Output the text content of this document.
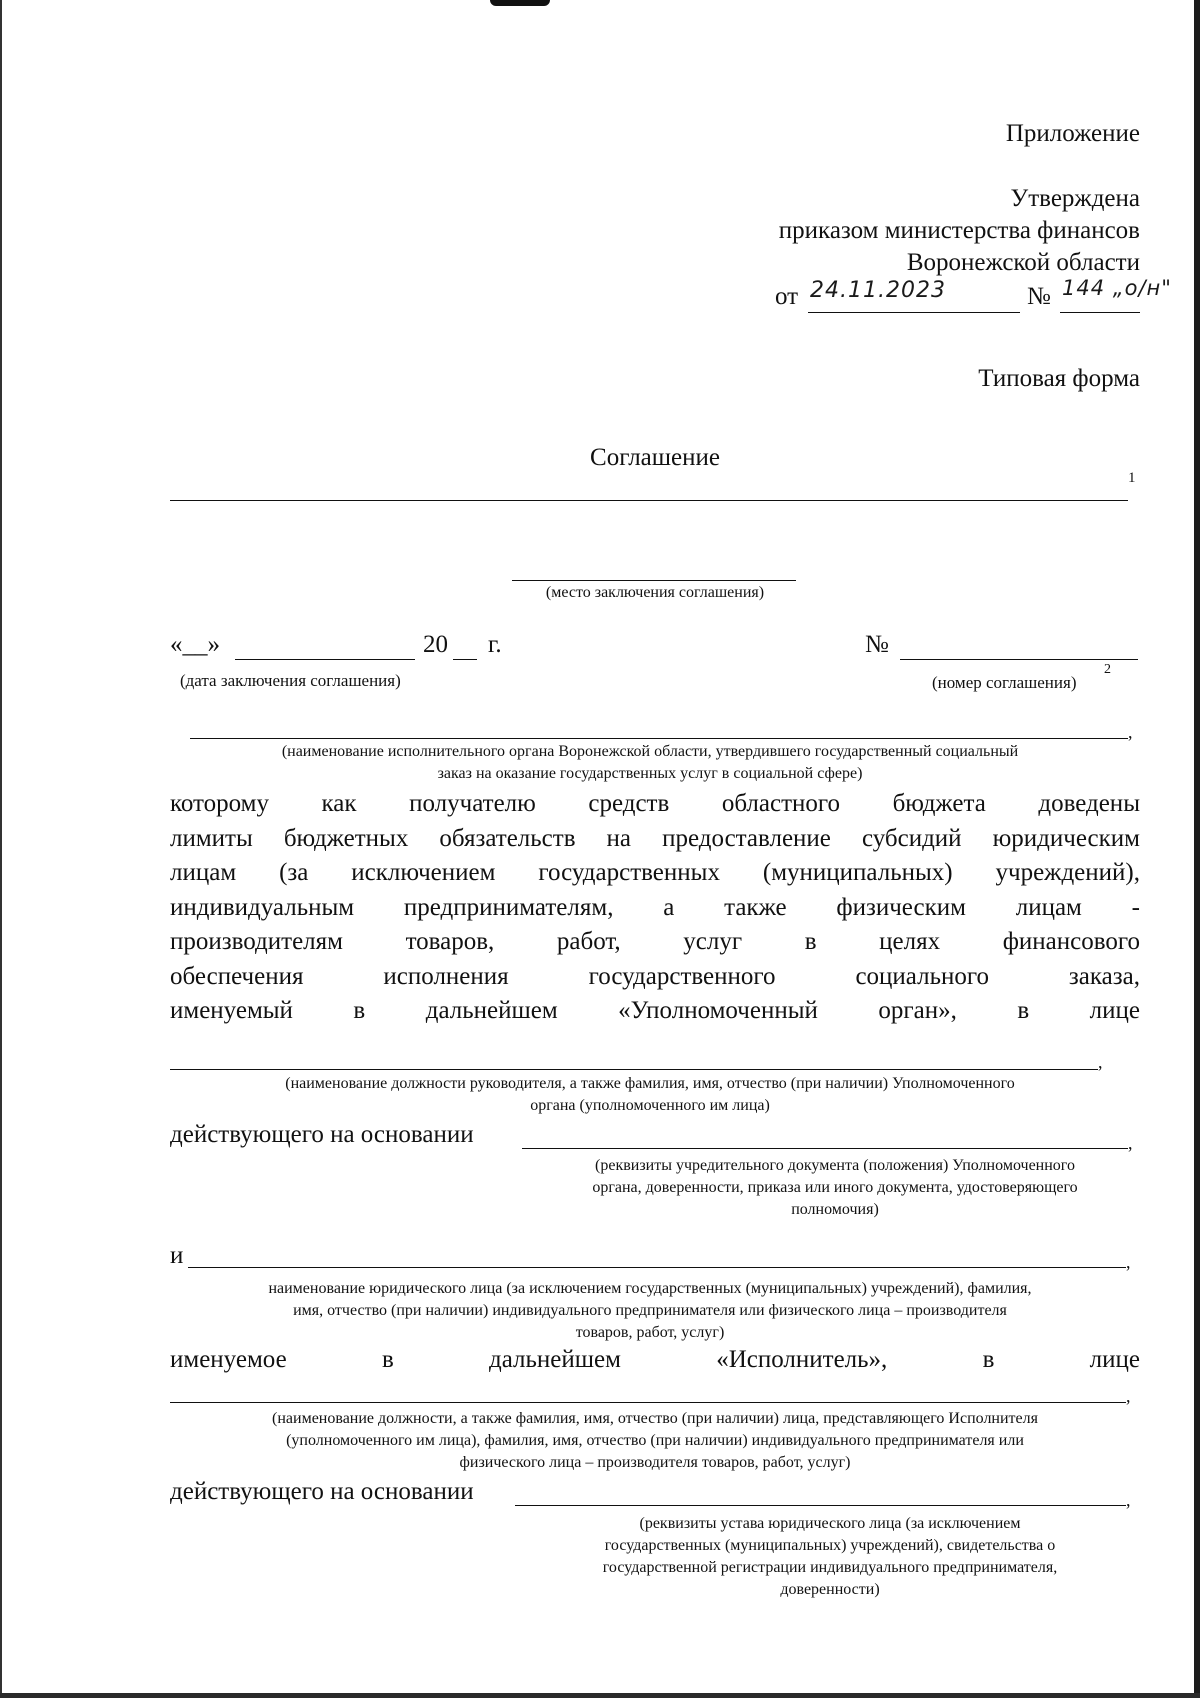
Приложение
Утверждена
приказом министерства финансов
Воронежской области
от 24.11.2023	№ 144 „о/н"
Типовая форма
Соглашение
1
(место заключения соглашения)
«__»	20 г.
(дата заключения соглашения)
№
(номер соглашения)
2
,
(наименование исполнительного органа Воронежской области, утвердившего государственный социальный
заказ на оказание государственных услуг в социальной сфере)
которому как получателю средств областного бюджета доведены
лимиты бюджетных обязательств на предоставление субсидий юридическим
лицам (за исключением государственных (муниципальных) учреждений),
индивидуальным предпринимателям, а также физическим лицам -
производителям товаров, работ, услуг в целях финансового
обеспечения исполнения государственного социального заказа,
именуемый в дальнейшем «Уполномоченный орган», в лице
,
(наименование должности руководителя, а также фамилия, имя, отчество (при наличии) Уполномоченного
органа (уполномоченного им лица)
действующего на основании	,
(реквизиты учредительного документа (положения) Уполномоченного
органа, доверенности, приказа или иного документа, удостоверяющего
полномочия)
и	,
наименование юридического лица (за исключением государственных (муниципальных) учреждений), фамилия,
имя, отчество (при наличии) индивидуального предпринимателя или физического лица – производителя
товаров, работ, услуг)
именуемое в дальнейшем «Исполнитель», в лице
,
(наименование должности, а также фамилия, имя, отчество (при наличии) лица, представляющего Исполнителя
(уполномоченного им лица), фамилия, имя, отчество (при наличии) индивидуального предпринимателя или
физического лица – производителя товаров, работ, услуг)
действующего на основании	,
(реквизиты устава юридического лица (за исключением
государственных (муниципальных) учреждений), свидетельства о
государственной регистрации индивидуального предпринимателя,
доверенности)
